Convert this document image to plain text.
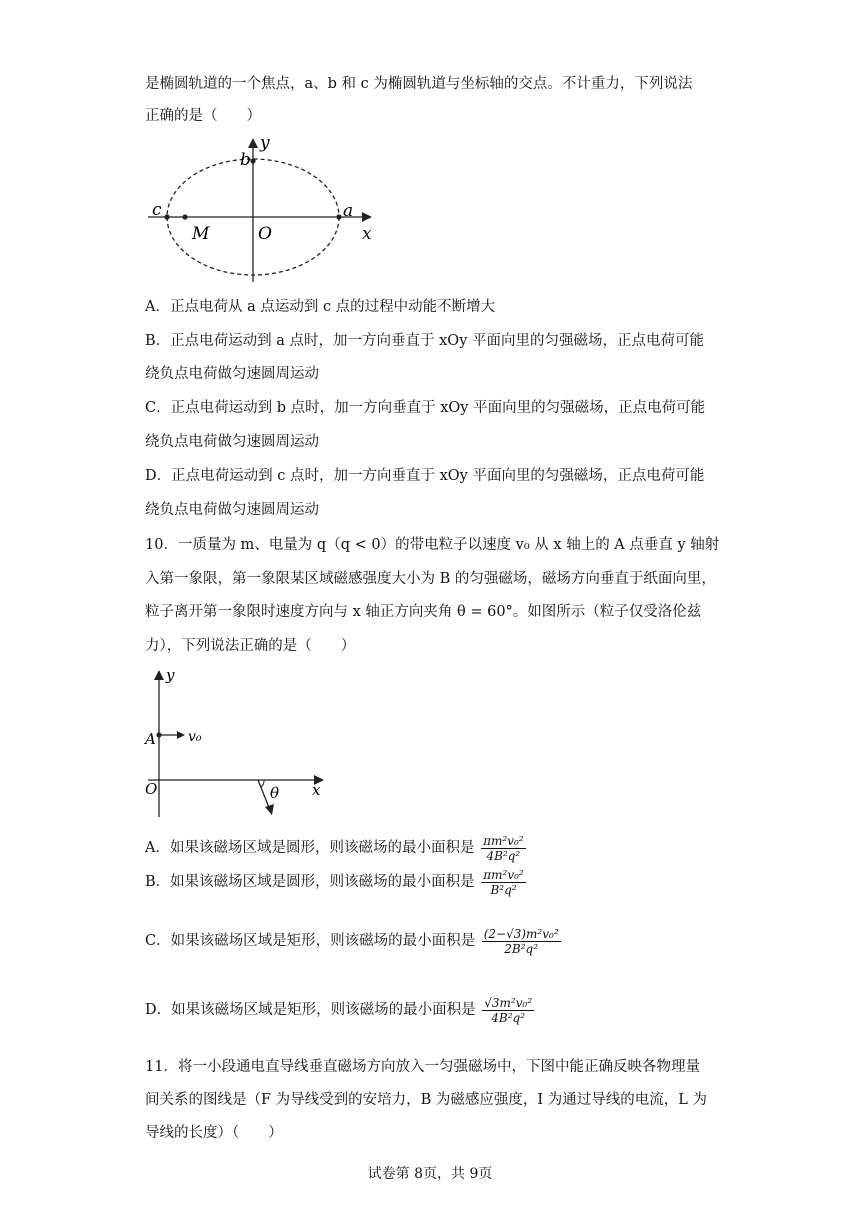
是椭圆轨道的一个焦点，a、b 和 c 为椭圆轨道与坐标轴的交点。不计重力，下列说法
正确的是（　　）
b
y
c	a
M	O	x
A．正点电荷从 a 点运动到 c 点的过程中动能不断增大
B．正点电荷运动到 a 点时，加一方向垂直于 xOy 平面向里的匀强磁场，正点电荷可能
绕负点电荷做匀速圆周运动
C．正点电荷运动到 b 点时，加一方向垂直于 xOy 平面向里的匀强磁场，正点电荷可能
绕负点电荷做匀速圆周运动
D．正点电荷运动到 c 点时，加一方向垂直于 xOy 平面向里的匀强磁场，正点电荷可能
绕负点电荷做匀速圆周运动
10．一质量为 m、电量为 q（q < 0）的带电粒子以速度 v₀ 从 x 轴上的 A 点垂直 y 轴射
入第一象限，第一象限某区域磁感强度大小为 B 的匀强磁场，磁场方向垂直于纸面向里，
粒子离开第一象限时速度方向与 x 轴正方向夹角 θ = 60°。如图所示（粒子仅受洛伦兹
力），下列说法正确的是（　　）
y
A v₀
O	θ x
A．如果该磁场区域是圆形，则该磁场的最小面积是 $\frac{\text{πm²v₀²}}{\text{4B²q²}}$
B．如果该磁场区域是圆形，则该磁场的最小面积是 $\frac{\text{πm²v₀²}}{\text{B²q²}}$
C．如果该磁场区域是矩形，则该磁场的最小面积是 $\frac{\text{(2−√3)m²v₀²}}{\text{2B²q²}}$
D．如果该磁场区域是矩形，则该磁场的最小面积是 $\frac{\text{√3m²v₀²}}{\text{4B²q²}}$
11．将一小段通电直导线垂直磁场方向放入一匀强磁场中，下图中能正确反映各物理量
间关系的图线是（F 为导线受到的安培力，B 为磁感应强度，I 为通过导线的电流，L 为
导线的长度）（　　）
试卷第 8页，共 9页
